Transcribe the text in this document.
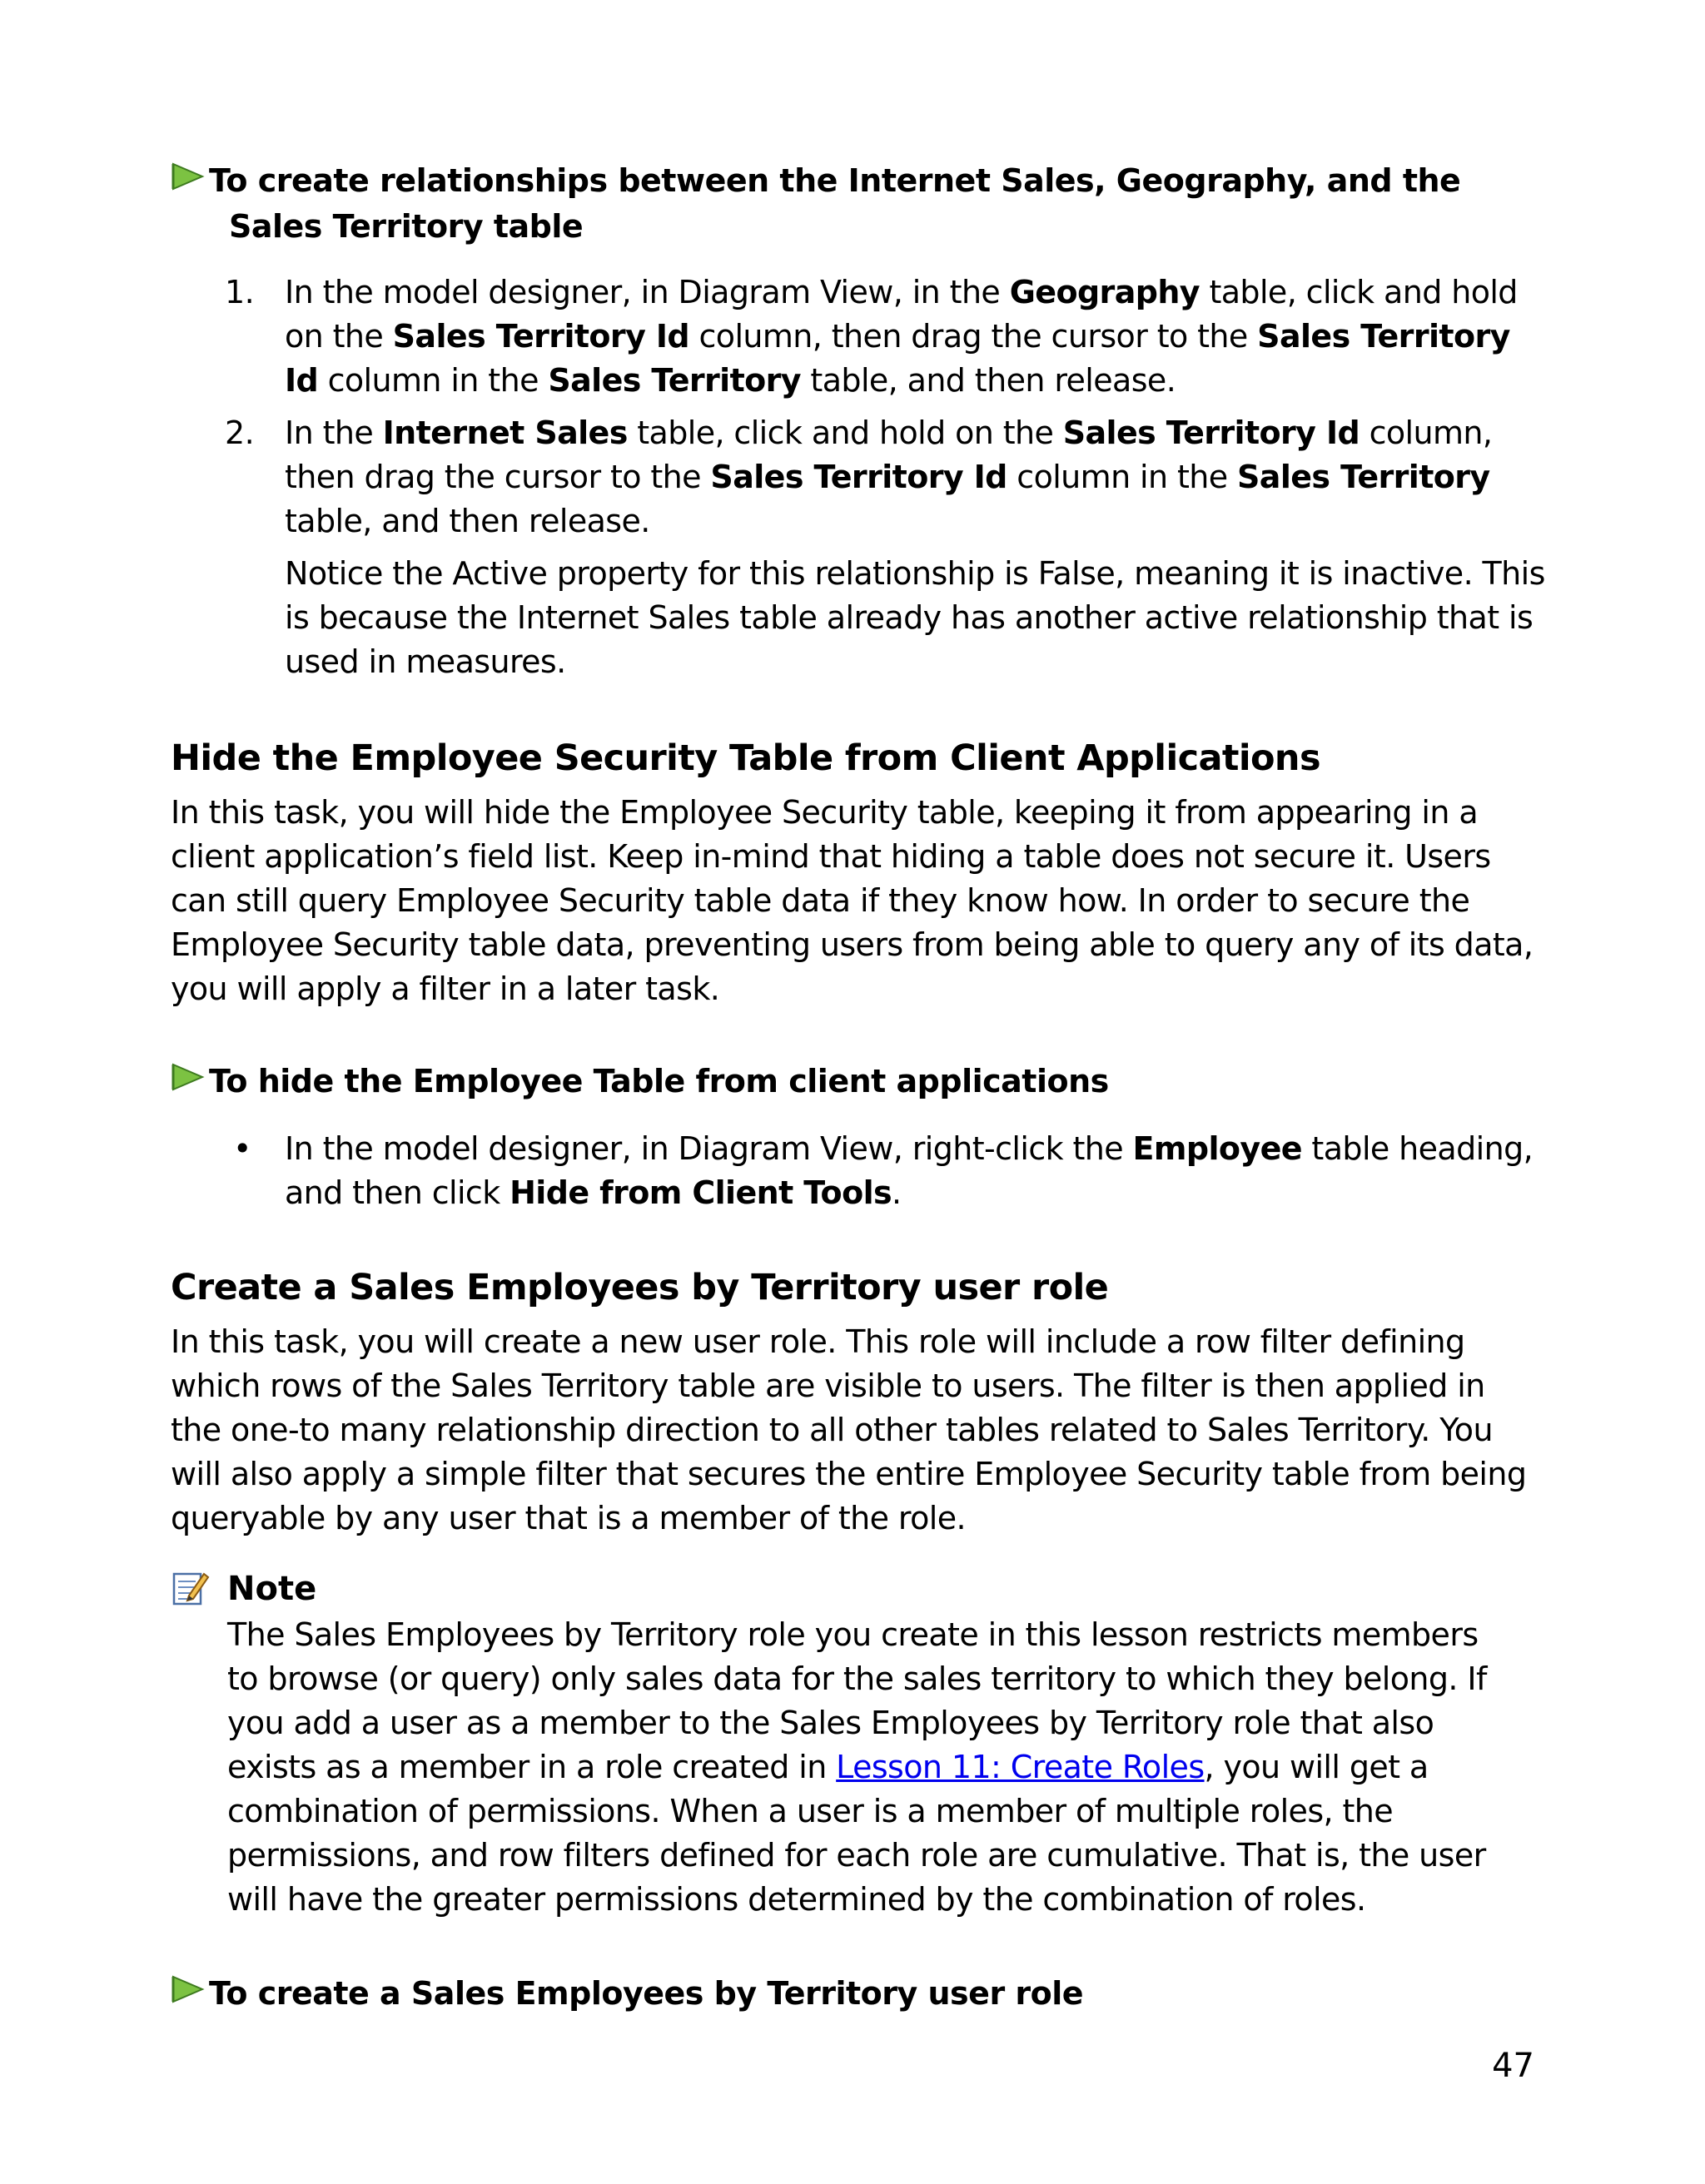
To create relationships between the Internet Sales, Geography, and the Sales Territory table
1. In the model designer, in Diagram View, in the Geography table, click and hold on the Sales Territory Id column, then drag the cursor to the Sales Territory Id column in the Sales Territory table, and then release.
2. In the Internet Sales table, click and hold on the Sales Territory Id column, then drag the cursor to the Sales Territory Id column in the Sales Territory table, and then release.
Notice the Active property for this relationship is False, meaning it is inactive. This is because the Internet Sales table already has another active relationship that is used in measures.
Hide the Employee Security Table from Client Applications

In this task, you will hide the Employee Security table, keeping it from appearing in a client application’s field list. Keep in-mind that hiding a table does not secure it. Users can still query Employee Security table data if they know how. In order to secure the Employee Security table data, preventing users from being able to query any of its data, you will apply a filter in a later task.

To hide the Employee Table from client applications
• In the model designer, in Diagram View, right-click the Employee table heading, and then click Hide from Client Tools.
Create a Sales Employees by Territory user role

In this task, you will create a new user role. This role will include a row filter defining which rows of the Sales Territory table are visible to users. The filter is then applied in the one-to many relationship direction to all other tables related to Sales Territory. You will also apply a simple filter that secures the entire Employee Security table from being queryable by any user that is a member of the role.

Note

The Sales Employees by Territory role you create in this lesson restricts members to browse (or query) only sales data for the sales territory to which they belong. If you add a user as a member to the Sales Employees by Territory role that also exists as a member in a role created in Lesson 11: Create Roles, you will get a combination of permissions. When a user is a member of multiple roles, the permissions, and row filters defined for each role are cumulative. That is, the user will have the greater permissions determined by the combination of roles.

To create a Sales Employees by Territory user role
47
